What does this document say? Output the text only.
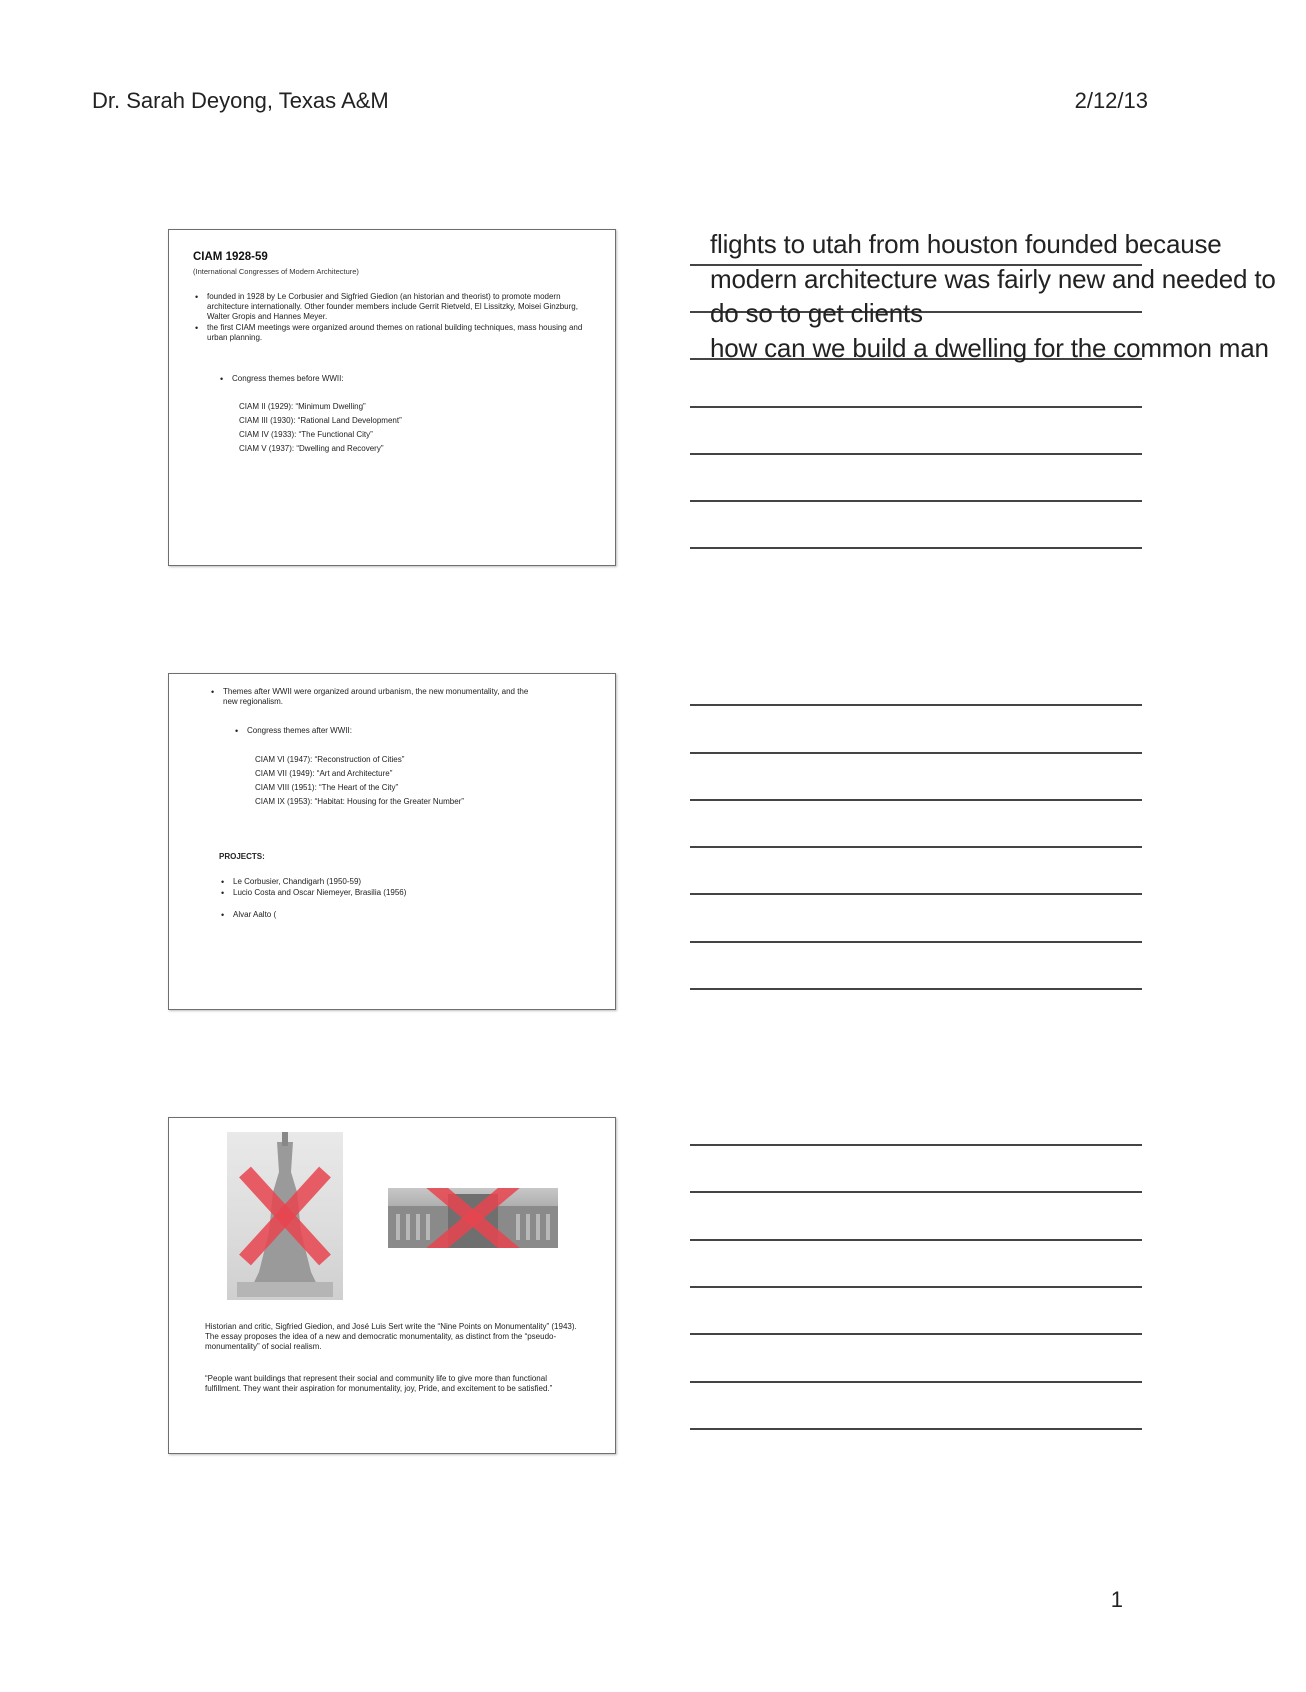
Dr. Sarah Deyong, Texas A&M	2/12/13
CIAM 1928-59
(International Congresses of Modern Architecture)
• founded in 1928 by Le Corbusier and Sigfried Giedion (an historian and theorist) to promote modern architecture internationally. Other founder members include Gerrit Rietveld, El Lissitzky, Moisei Ginzburg, Walter Gropis and Hannes Meyer.
• the first CIAM meetings were organized around themes on rational building techniques, mass housing and urban planning.
• Congress themes before WWII:
CIAM II (1929): “Minimum Dwelling”
CIAM III (1930): “Rational Land Development”
CIAM IV (1933): “The Functional City”
CIAM V (1937): “Dwelling and Recovery”
• Themes after WWII were organized around urbanism, the new monumentality, and the new regionalism.
• Congress themes after WWII:
CIAM VI (1947): “Reconstruction of Cities”
CIAM VII (1949): “Art and Architecture”
CIAM VIII (1951): “The Heart of the City”
CIAM IX (1953): “Habitat: Housing for the Greater Number”
PROJECTS:
• Le Corbusier, Chandigarh (1950-59)
• Lucio Costa and Oscar Niemeyer, Brasilia (1956)
• Alvar Aalto (
Historian and critic, Sigfried Giedion, and José Luis Sert write the “Nine Points on Monumentality” (1943). The essay proposes the idea of a new and democratic monumentality, as distinct from the “pseudo-monumentality” of social realism.
“People want buildings that represent their social and community life to give more than functional fulfillment. They want their aspiration for monumentality, joy, Pride, and excitement to be satisfied.”
flights to utah from houston founded because
modern architecture was fairly new and needed to
do so to get clients
how can we build a dwelling for the common man
1
